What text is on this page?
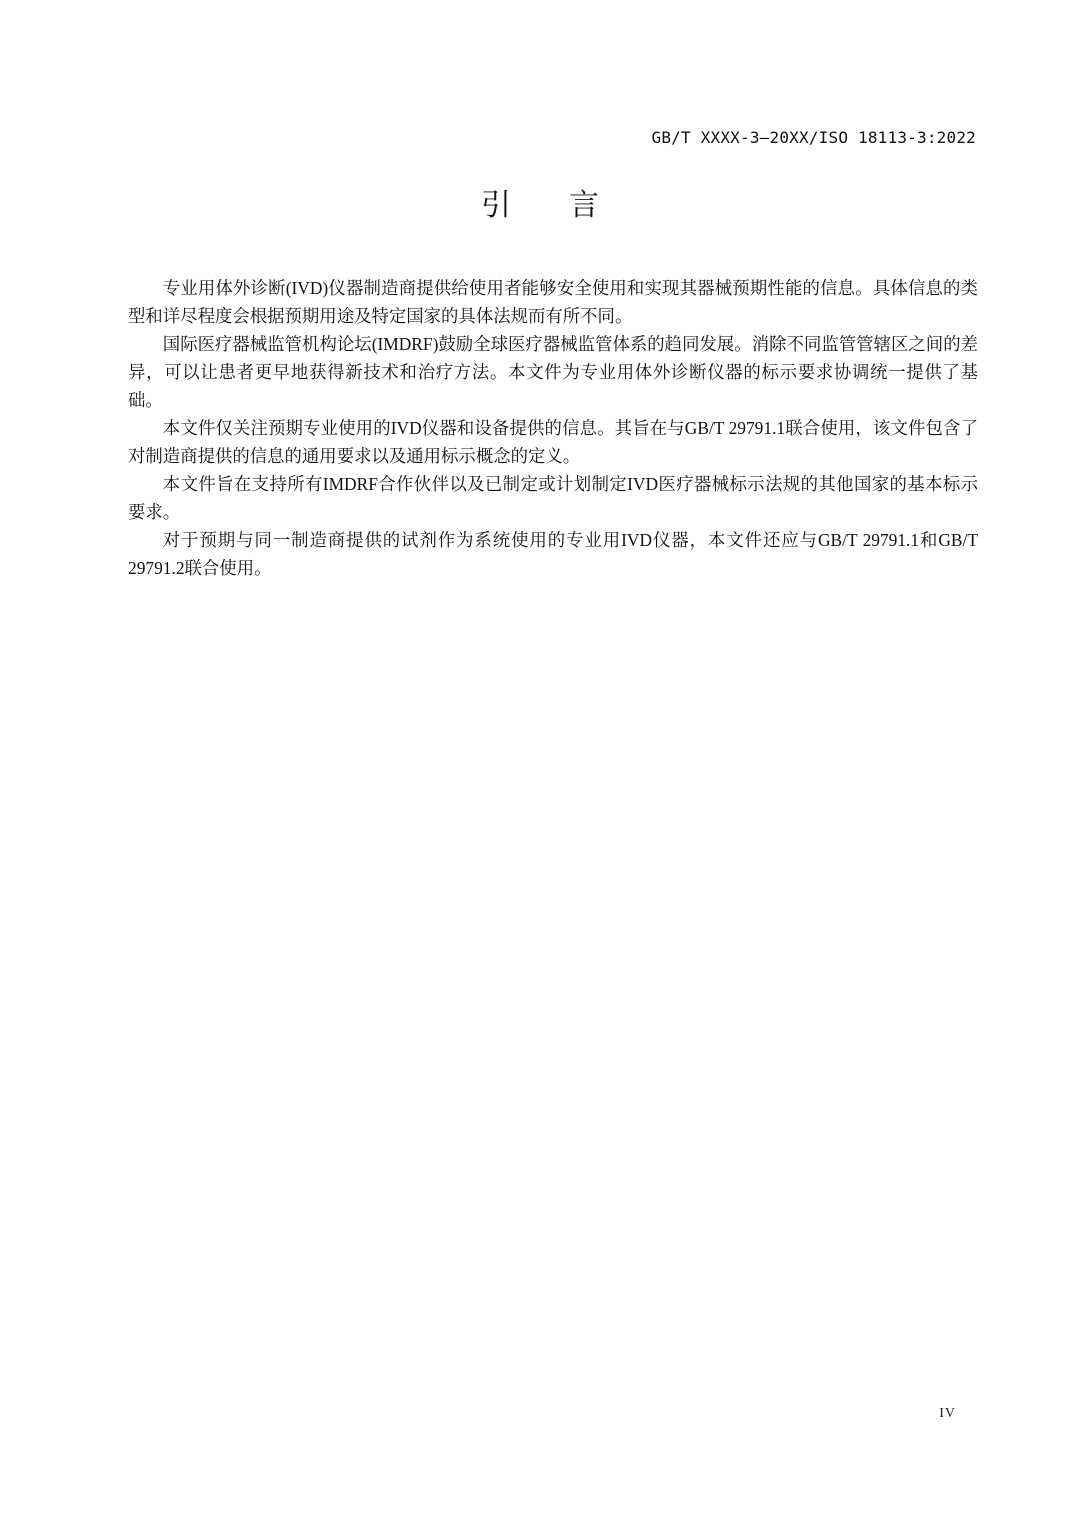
GB/T XXXX-3—20XX/ISO 18113-3:2022
引言

专业用体外诊断(IVD)仪器制造商提供给使用者能够安全使用和实现其器械预期性能的信息。具体信息的类型和详尽程度会根据预期用途及特定国家的具体法规而有所不同。

国际医疗器械监管机构论坛(IMDRF)鼓励全球医疗器械监管体系的趋同发展。消除不同监管管辖区之间的差异，可以让患者更早地获得新技术和治疗方法。本文件为专业用体外诊断仪器的标示要求协调统一提供了基础。

本文件仅关注预期专业使用的IVD仪器和设备提供的信息。其旨在与GB/T 29791.1联合使用，该文件包含了对制造商提供的信息的通用要求以及通用标示概念的定义。

本文件旨在支持所有IMDRF合作伙伴以及已制定或计划制定IVD医疗器械标示法规的其他国家的基本标示要求。

对于预期与同一制造商提供的试剂作为系统使用的专业用IVD仪器，本文件还应与GB/T 29791.1和GB/T 29791.2联合使用。

IV
